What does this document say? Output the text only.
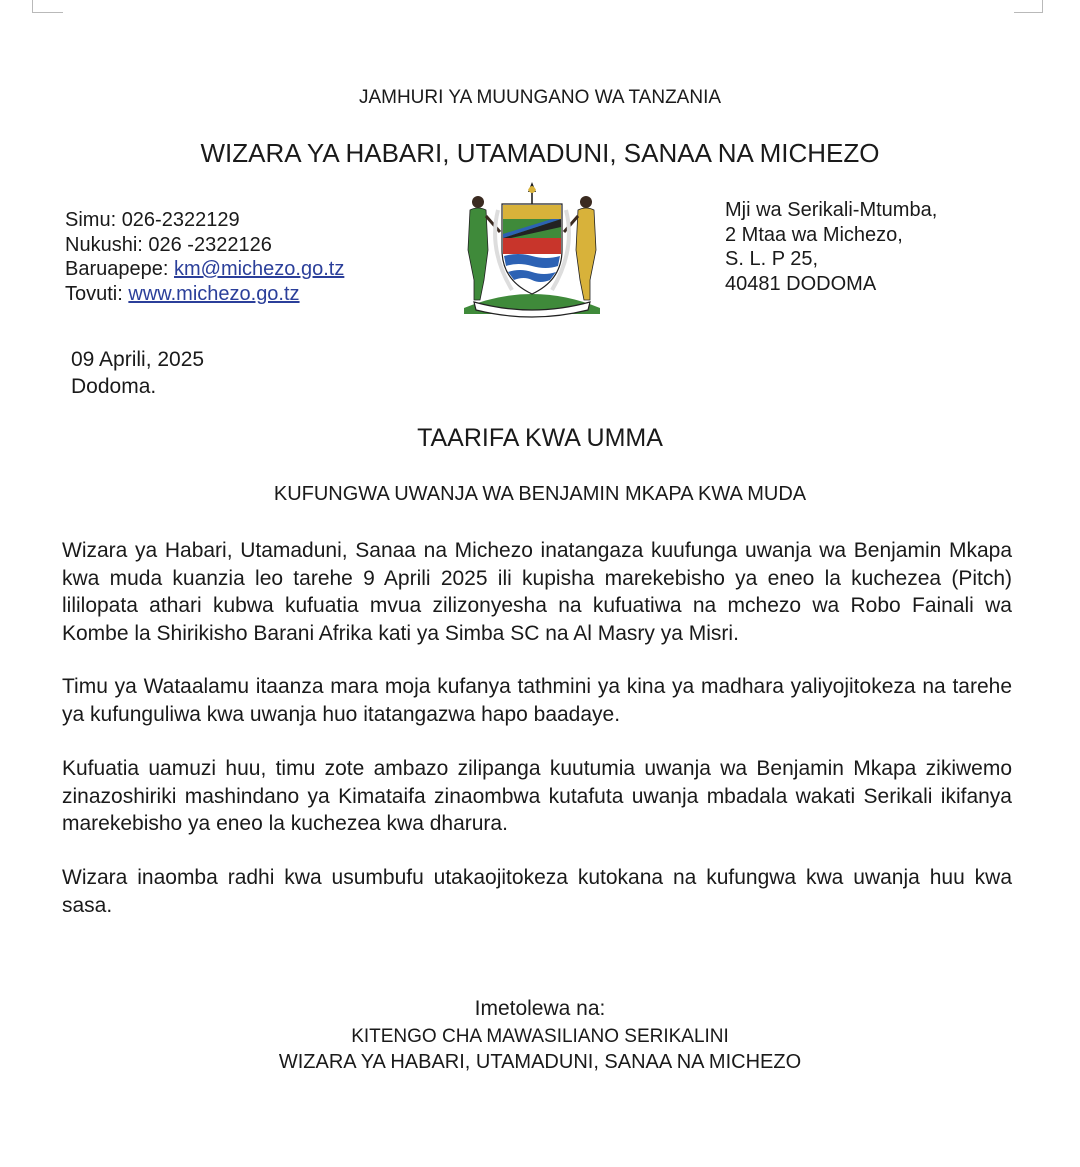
JAMHURI YA MUUNGANO WA TANZANIA
WIZARA YA HABARI, UTAMADUNI, SANAA NA MICHEZO
Simu: 026-2322129
Nukushi: 026 -2322126
Baruapepe: km@michezo.go.tz
Tovuti: www.michezo.go.tz
Mji wa Serikali-Mtumba,
2 Mtaa wa Michezo,
S. L. P 25,
40481 DODOMA
09 Aprili, 2025
Dodoma.
TAARIFA KWA UMMA
KUFUNGWA UWANJA WA BENJAMIN MKAPA KWA MUDA

Wizara ya Habari, Utamaduni, Sanaa na Michezo inatangaza kuufunga uwanja wa Benjamin Mkapa kwa muda kuanzia leo tarehe 9 Aprili 2025 ili kupisha marekebisho ya eneo la kuchezea (Pitch) lililopata athari kubwa kufuatia mvua zilizonyesha na kufuatiwa na mchezo wa Robo Fainali wa Kombe la Shirikisho Barani Afrika kati ya Simba SC na Al Masry ya Misri.

Timu ya Wataalamu itaanza mara moja kufanya tathmini ya kina ya madhara yaliyojitokeza na tarehe ya kufunguliwa kwa uwanja huo itatangazwa hapo baadaye.

Kufuatia uamuzi huu, timu zote ambazo zilipanga kuutumia uwanja wa Benjamin Mkapa zikiwemo zinazoshiriki mashindano ya Kimataifa zinaombwa kutafuta uwanja mbadala wakati Serikali ikifanya marekebisho ya eneo la kuchezea kwa dharura.

Wizara inaomba radhi kwa usumbufu utakaojitokeza kutokana na kufungwa kwa uwanja huu kwa sasa.

Imetolewa na:
KITENGO CHA MAWASILIANO SERIKALINI
WIZARA YA HABARI, UTAMADUNI, SANAA NA MICHEZO
